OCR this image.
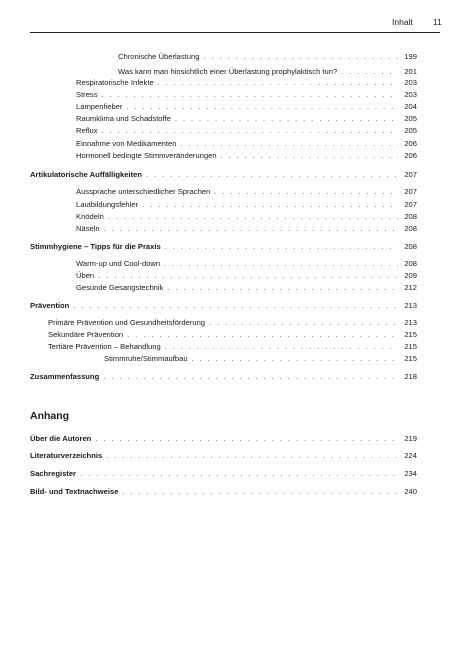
Inhalt 11
Chronische Überlastung . . .	199
Was kann man hinsichtlich einer Überlastung prophylaktisch tun? . . .	201
Respiratorische Infekte . . .	203
Stress . . .	203
Lampenfieber . . .	204
Raumklima und Schadstoffe . . .	205
Reflux . . .	205
Einnahme von Medikamenten . . .	206
Hormonell bedingte Stimmveränderungen . . .	206
Artikulatorische Auffälligkeiten . . .	207
Aussprache unterschiedlicher Sprachen . . .	207
Lautbildungsfehler . . .	207
Knödeln . . .	208
Näseln . . .	208
Stimmhygiene – Tipps für die Praxis . . .	208
Warm-up und Cool-down . . .	208
Üben . . .	209
Gesunde Gesangstechnik . . .	212
Prävention . . .	213
Primäre Prävention und Gesundheitsförderung . . .	213
Sekundäre Prävention . . .	215
Tertiäre Prävention – Behandlung . . .	215
Stimmruhe/Stimmaufbau . . .	215
Zusammenfassung . . .	218
Anhang
Über die Autoren . . .	219
Literaturverzeichnis . . .	224
Sachregister . . .	234
Bild- und Textnachweise . . .	240
